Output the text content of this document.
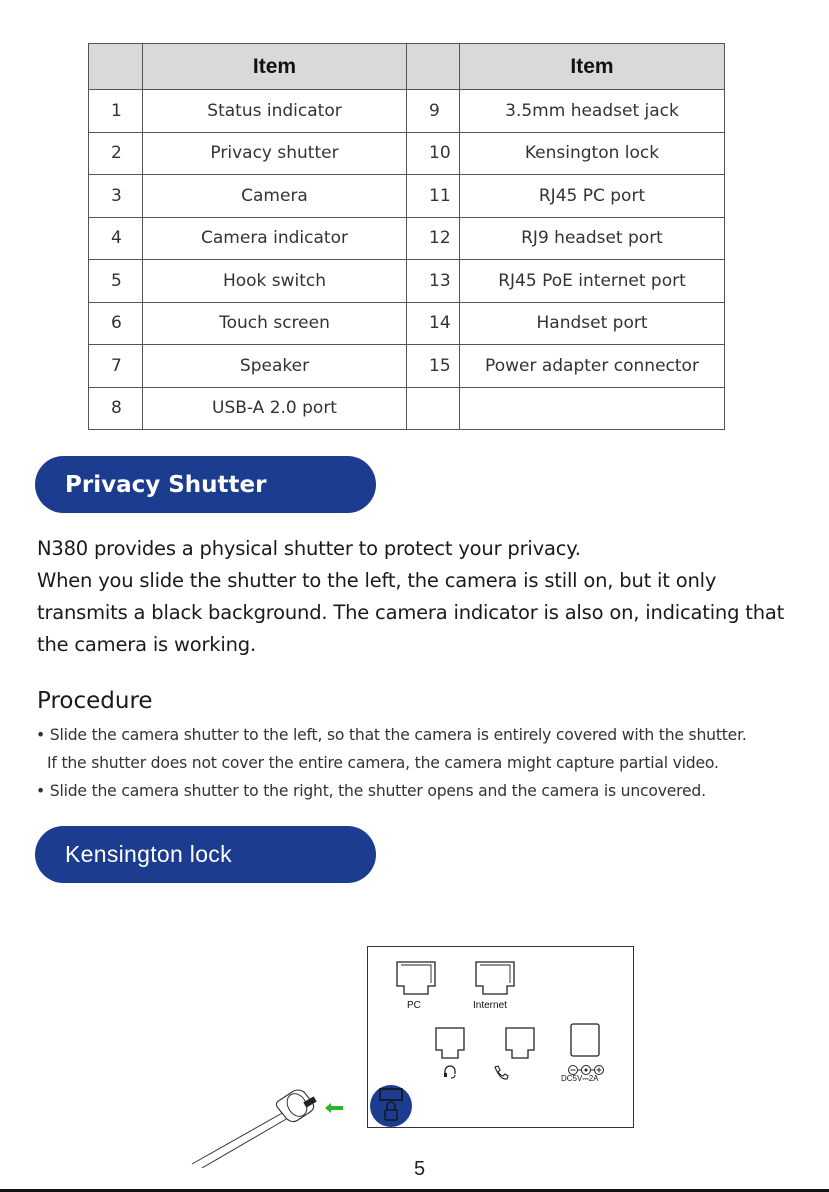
	Item		Item
1	Status indicator	9	3.5mm headset jack
2	Privacy shutter	10	Kensington lock
3	Camera	11	RJ45 PC port
4	Camera indicator	12	RJ9 headset port
5	Hook switch	13	RJ45 PoE internet port
6	Touch screen	14	Handset port
7	Speaker	15	Power adapter connector
8	USB-A 2.0 port		
Privacy Shutter

N380 provides a physical shutter to protect your privacy.

When you slide the shutter to the left, the camera is still on, but it only transmits a black background. The camera indicator is also on, indicating that the camera is working.

Procedure
• Slide the camera shutter to the left, so that the camera is entirely covered with the shutter.
If the shutter does not cover the entire camera, the camera might capture partial video.
• Slide the camera shutter to the right, the shutter opens and the camera is uncovered.
Kensington lock
PC	Internet
DC5V⎓2A
5
